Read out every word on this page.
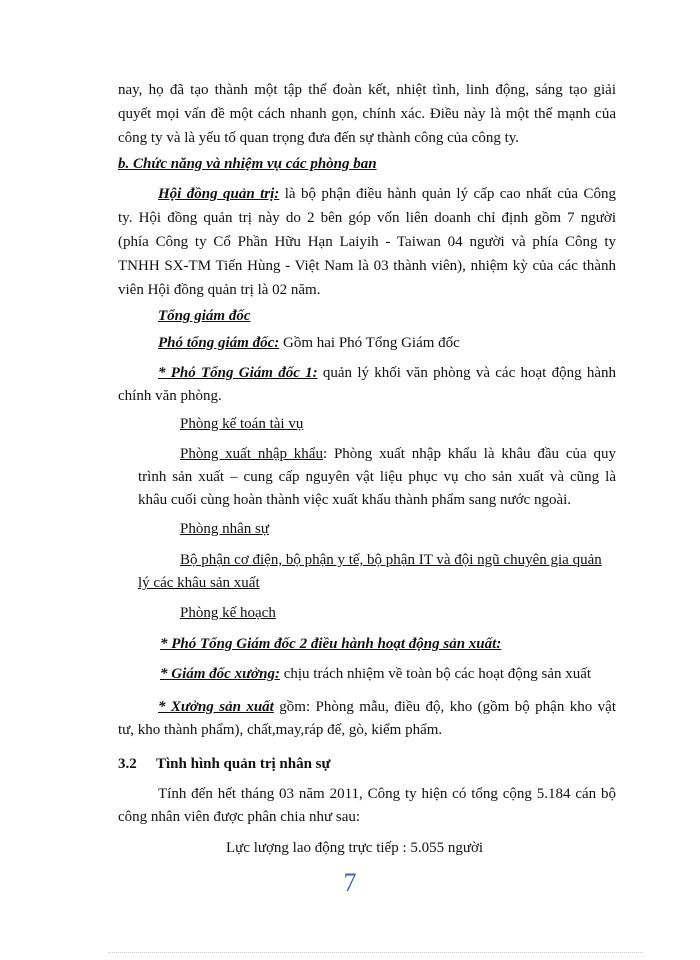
nay, họ đã tạo thành một tập thể đoàn kết, nhiệt tình, linh động, sáng tạo giải
quyết mọi vấn đề một cách nhanh gọn, chính xác. Điều này là một thế mạnh của
công ty và là yếu tố quan trọng đưa đến sự thành công của công ty.
b. Chức năng và nhiệm vụ các phòng ban
Hội đồng quản trị: là bộ phận điều hành quản lý cấp cao nhất của Công
ty. Hội đồng quản trị này do 2 bên góp vốn liên doanh chỉ định gồm 7 người
(phía Công ty Cổ Phần Hữu Hạn Laiyih - Taiwan 04 người và phía Công ty
TNHH SX-TM Tiến Hùng - Việt Nam là 03 thành viên), nhiệm kỳ của các thành
viên Hội đồng quản trị là 02 năm.
Tổng giám đốc
Phó tổng giám đốc: Gồm hai Phó Tổng Giám đốc
* Phó Tổng Giám đốc 1: quản lý khối văn phòng và các hoạt động hành
chính văn phòng.
Phòng kế toán tài vụ
Phòng xuất nhập khẩu: Phòng xuất nhập khẩu là khâu đầu của quy
trình sản xuất – cung cấp nguyên vật liệu phục vụ cho sản xuất và cũng là
khâu cuối cùng hoàn thành việc xuất khẩu thành phẩm sang nước ngoài.
Phòng nhân sự
Bộ phận cơ điện, bộ phận y tế, bộ phận IT và đội ngũ chuyên gia quản
lý các khâu sản xuất
Phòng kế hoạch
* Phó Tổng Giám đốc 2 điều hành hoạt động sản xuất:
* Giám đốc xưởng: chịu trách nhiệm về toàn bộ các hoạt động sản xuất
* Xưởng sản xuất gồm: Phòng mẫu, điều độ, kho (gồm bộ phận kho vật
tư, kho thành phẩm), chất,may,ráp đế, gò, kiểm phẩm.
3.2 Tình hình quản trị nhân sự
Tính đến hết tháng 03 năm 2011, Công ty hiện có tổng cộng 5.184 cán bộ
công nhân viên được phân chia như sau:
Lực lượng lao động trực tiếp : 5.055 người
7
